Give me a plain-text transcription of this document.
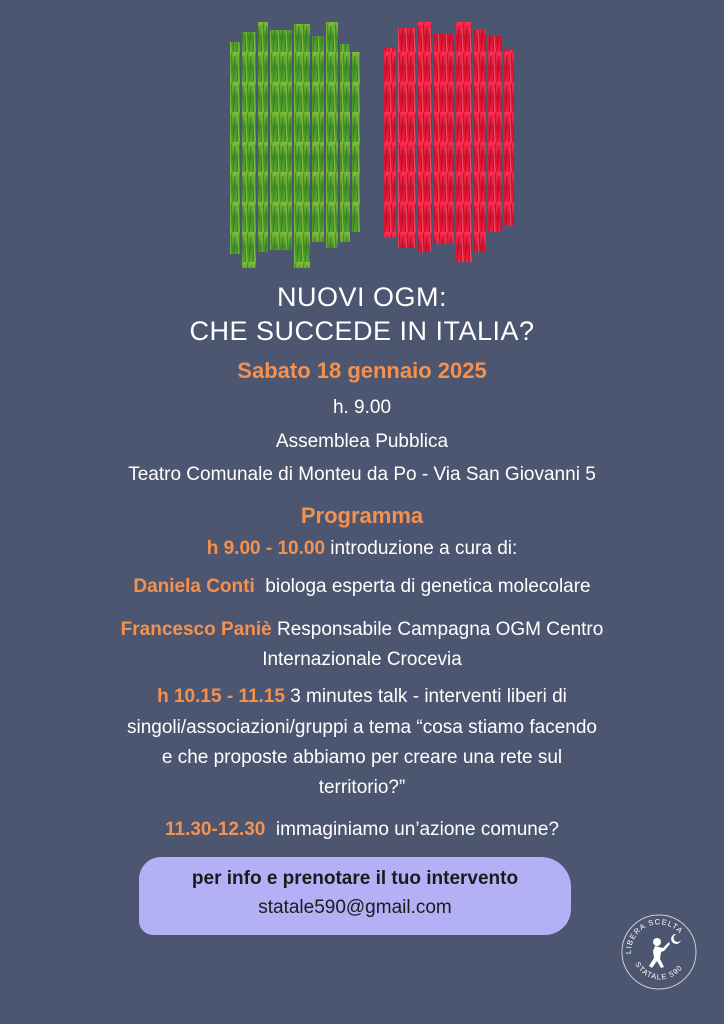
NUOVI OGM:
CHE SUCCEDE IN ITALIA?
Sabato 18 gennaio 2025
h. 9.00
Assemblea Pubblica
Teatro Comunale di Monteu da Po - Via San Giovanni 5
Programma
h 9.00 - 10.00 introduzione a cura di:
Daniela Conti  biologa esperta di genetica molecolare
Francesco Paniè Responsabile Campagna OGM Centro
Internazionale Crocevia
h 10.15 - 11.15 3 minutes talk - interventi liberi di
singoli/associazioni/gruppi a tema “cosa stiamo facendo
e che proposte abbiamo per creare una rete sul
territorio?”
11.30-12.30  immaginiamo un’azione comune?
per info e prenotare il tuo intervento
statale590@gmail.com
LIBERA SCELTA
STATALE 590
